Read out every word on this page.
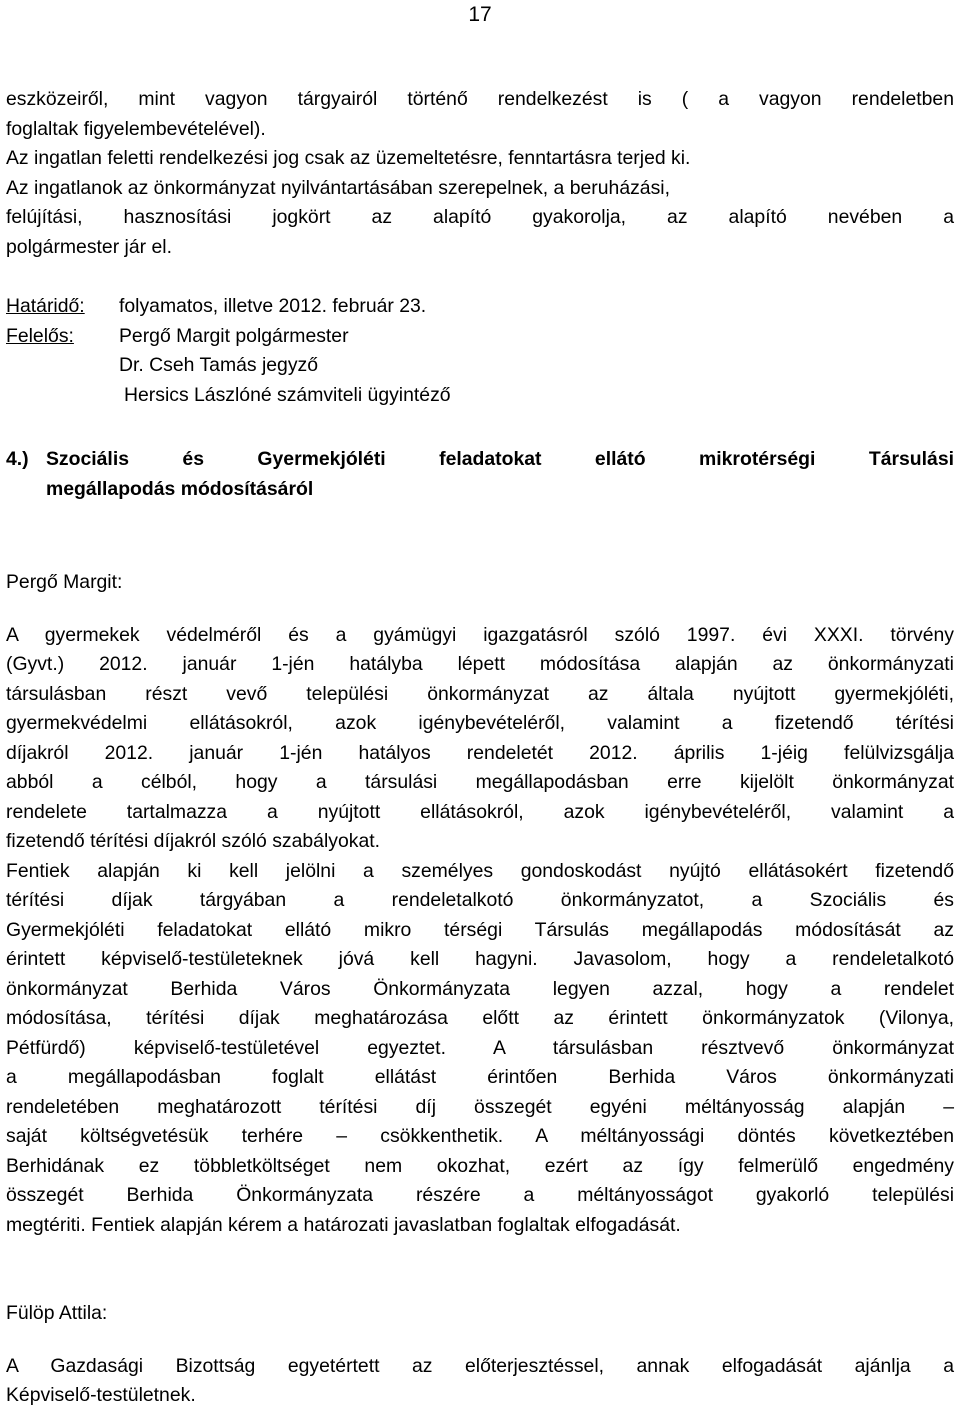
17

eszközeiről, mint vagyon tárgyairól történő rendelkezést is ( a vagyon rendeletben

foglaltak figyelembevételével).

Az ingatlan feletti rendelkezési jog csak az üzemeltetésre, fenntartásra terjed ki.

Az ingatlanok az önkormányzat nyilvántartásában szerepelnek, a beruházási,

felújítási, hasznosítási jogkört az alapító gyakorolja, az alapító nevében a

polgármester jár el.

Határidő:	folyamatos, illetve 2012. február 23.
Felelős:	Pergő Margit polgármester

Dr. Cseh Tamás jegyző

Hersics Lászlóné számviteli ügyintéző

4.) Szociális és Gyermekjóléti feladatokat ellátó mikrotérségi Társulási

megállapodás módosításáról

Pergő Margit:

A gyermekek védelméről és a gyámügyi igazgatásról szóló 1997. évi XXXI. törvény

(Gyvt.) 2012. január 1-jén hatályba lépett módosítása alapján az önkormányzati

társulásban részt vevő települési önkormányzat az általa nyújtott gyermekjóléti,

gyermekvédelmi ellátásokról, azok igénybevételéről, valamint a fizetendő térítési

díjakról 2012. január 1-jén hatályos rendeletét 2012. április 1-jéig felülvizsgálja

abból a célból, hogy a társulási megállapodásban erre kijelölt önkormányzat

rendelete tartalmazza a nyújtott ellátásokról, azok igénybevételéről, valamint a

fizetendő térítési díjakról szóló szabályokat.

Fentiek alapján ki kell jelölni a személyes gondoskodást nyújtó ellátásokért fizetendő

térítési díjak tárgyában a rendeletalkotó önkormányzatot, a Szociális és

Gyermekjóléti feladatokat ellátó mikro térségi Társulás megállapodás módosítását az

érintett képviselő-testületeknek jóvá kell hagyni. Javasolom, hogy a rendeletalkotó

önkormányzat Berhida Város Önkormányzata legyen azzal, hogy a rendelet

módosítása, térítési díjak meghatározása előtt az érintett önkormányzatok (Vilonya,

Pétfürdő) képviselő-testületével egyeztet. A társulásban résztvevő önkormányzat

a megállapodásban foglalt ellátást érintően Berhida Város önkormányzati

rendeletében meghatározott térítési díj összegét egyéni méltányosság alapján –

saját költségvetésük terhére – csökkenthetik. A méltányossági döntés következtében

Berhidának ez többletköltséget nem okozhat, ezért az így felmerülő engedmény

összegét Berhida Önkormányzata részére a méltányosságot gyakorló települési

megtériti. Fentiek alapján kérem a határozati javaslatban foglaltak elfogadását.

Fülöp Attila:

A Gazdasági Bizottság egyetértett az előterjesztéssel, annak elfogadását ajánlja a

Képviselő-testületnek.
